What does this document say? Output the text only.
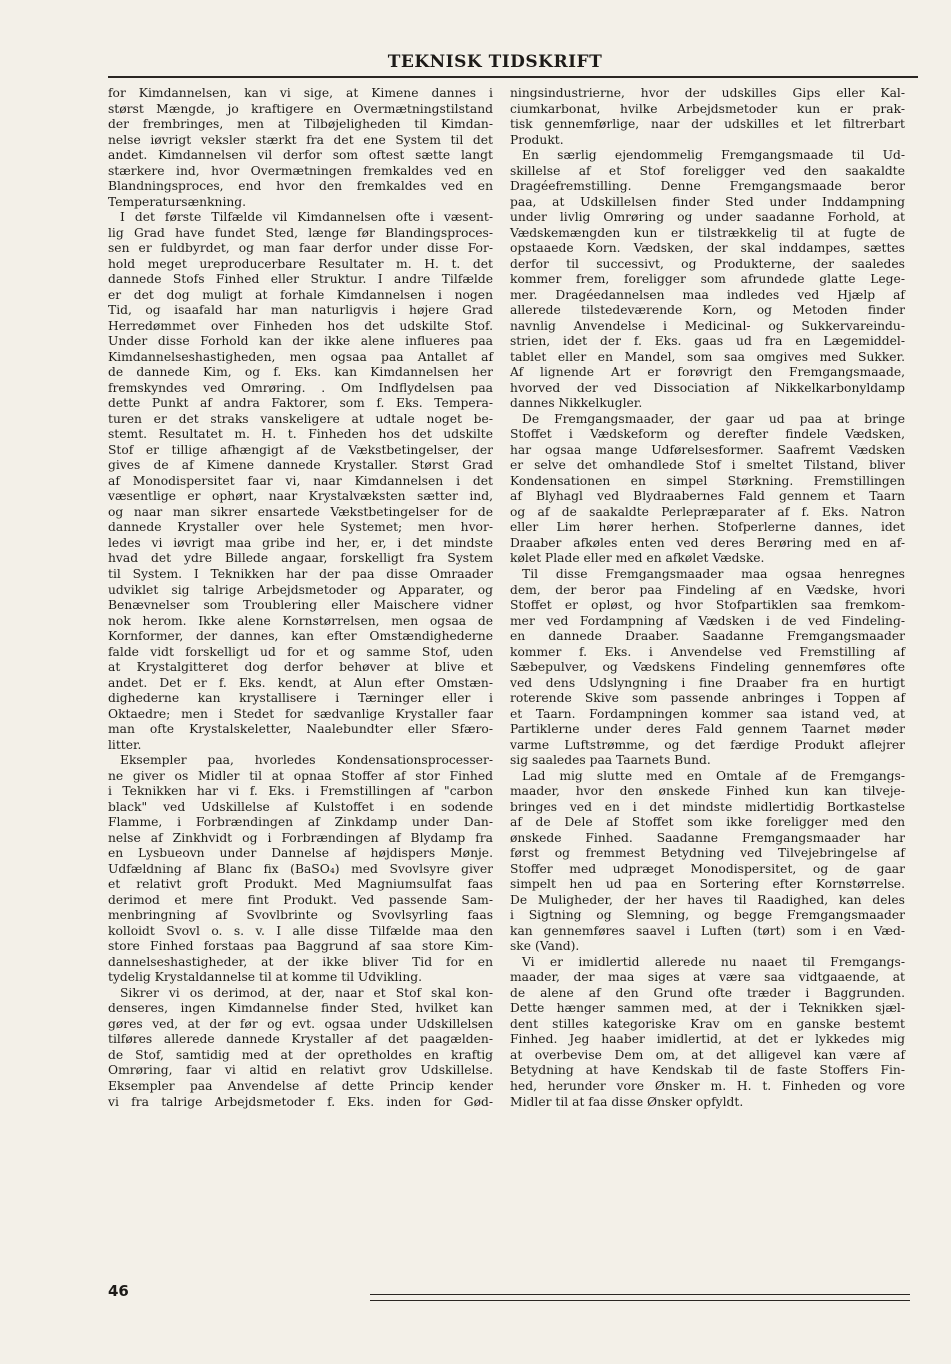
TEKNISK TIDSKRIFT
for Kimdannelsen, kan vi sige, at Kimene dannes i
størst Mængde, jo kraftigere en Overmætningstilstand
der frembringes, men at Tilbøjeligheden til Kimdan-
nelse iøvrigt veksler stærkt fra det ene System til det
andet. Kimdannelsen vil derfor som oftest sætte langt
stærkere ind, hvor Overmætningen fremkaldes ved en
Blandningsproces, end hvor den fremkaldes ved en
Temperatursænkning.
I det første Tilfælde vil Kimdannelsen ofte i væsent-
lig Grad have fundet Sted, længe før Blandingsproces-
sen er fuldbyrdet, og man faar derfor under disse For-
hold meget ureproducerbare Resultater m. H. t. det
dannede Stofs Finhed eller Struktur. I andre Tilfælde
er det dog muligt at forhale Kimdannelsen i nogen
Tid, og isaafald har man naturligvis i højere Grad
Herredømmet over Finheden hos det udskilte Stof.
Under disse Forhold kan der ikke alene influeres paa
Kimdannelseshastigheden, men ogsaa paa Antallet af
de dannede Kim, og f. Eks. kan Kimdannelsen her
fremskyndes ved Omrøring. . Om Indflydelsen paa
dette Punkt af andra Faktorer, som f. Eks. Tempera-
turen er det straks vanskeligere at udtale noget be-
stemt. Resultatet m. H. t. Finheden hos det udskilte
Stof er tillige afhængigt af de Vækstbetingelser, der
gives de af Kimene dannede Krystaller. Størst Grad
af Monodispersitet faar vi, naar Kimdannelsen i det
væsentlige er ophørt, naar Krystalvæksten sætter ind,
og naar man sikrer ensartede Vækstbetingelser for de
dannede Krystaller over hele Systemet; men hvor-
ledes vi iøvrigt maa gribe ind her, er, i det mindste
hvad det ydre Billede angaar, forskelligt fra System
til System. I Teknikken har der paa disse Omraader
udviklet sig talrige Arbejdsmetoder og Apparater, og
Benævnelser som Troublering eller Maischere vidner
nok herom. Ikke alene Kornstørrelsen, men ogsaa de
Kornformer, der dannes, kan efter Omstændighederne
falde vidt forskelligt ud for et og samme Stof, uden
at Krystalgitteret dog derfor behøver at blive et
andet. Det er f. Eks. kendt, at Alun efter Omstæn-
dighederne kan krystallisere i Tærninger eller i
Oktaedre; men i Stedet for sædvanlige Krystaller faar
man ofte Krystalskeletter, Naalebundter eller Sfæro-
litter.
Eksempler paa, hvorledes Kondensationsprocesser-
ne giver os Midler til at opnaa Stoffer af stor Finhed
i Teknikken har vi f. Eks. i Fremstillingen af "carbon
black" ved Udskillelse af Kulstoffet i en sodende
Flamme, i Forbrændingen af Zinkdamp under Dan-
nelse af Zinkhvidt og i Forbrændingen af Blydamp fra
en Lysbueovn under Dannelse af højdispers Mønje.
Udfældning af Blanc fix (BaSO₄) med Svovlsyre giver
et relativt groft Produkt. Med Magniumsulfat faas
derimod et mere fint Produkt. Ved passende Sam-
menbringning af Svovlbrinte og Svovlsyrling faas
kolloidt Svovl o. s. v. I alle disse Tilfælde maa den
store Finhed forstaas paa Baggrund af saa store Kim-
dannelseshastigheder, at der ikke bliver Tid for en
tydelig Krystaldannelse til at komme til Udvikling.
Sikrer vi os derimod, at der, naar et Stof skal kon-
denseres, ingen Kimdannelse finder Sted, hvilket kan
gøres ved, at der før og evt. ogsaa under Udskillelsen
tilføres allerede dannede Krystaller af det paagælden-
de Stof, samtidig med at der opretholdes en kraftig
Omrøring, faar vi altid en relativt grov Udskillelse.
Eksempler paa Anvendelse af dette Princip kender
vi fra talrige Arbejdsmetoder f. Eks. inden for Gød-
ningsindustrierne, hvor der udskilles Gips eller Kal-
ciumkarbonat, hvilke Arbejdsmetoder kun er prak-
tisk gennemførlige, naar der udskilles et let filtrerbart
Produkt.
En særlig ejendommelig Fremgangsmaade til Ud-
skillelse af et Stof foreligger ved den saakaldte
Dragéefremstilling. Denne Fremgangsmaade beror
paa, at Udskillelsen finder Sted under Inddampning
under livlig Omrøring og under saadanne Forhold, at
Vædskemængden kun er tilstrækkelig til at fugte de
opstaaede Korn. Vædsken, der skal inddampes, sættes
derfor til successivt, og Produkterne, der saaledes
kommer frem, foreligger som afrundede glatte Lege-
mer. Dragéedannelsen maa indledes ved Hjælp af
allerede tilstedeværende Korn, og Metoden finder
navnlig Anvendelse i Medicinal- og Sukkervareindu-
strien, idet der f. Eks. gaas ud fra en Lægemiddel-
tablet eller en Mandel, som saa omgives med Sukker.
Af lignende Art er forøvrigt den Fremgangsmaade,
hvorved der ved Dissociation af Nikkelkarbonyldamp
dannes Nikkelkugler.
De Fremgangsmaader, der gaar ud paa at bringe
Stoffet i Vædskeform og derefter findele Vædsken,
har ogsaa mange Udførelsesformer. Saafremt Vædsken
er selve det omhandlede Stof i smeltet Tilstand, bliver
Kondensationen en simpel Størkning. Fremstillingen
af Blyhagl ved Blydraabernes Fald gennem et Taarn
og af de saakaldte Perlepræparater af f. Eks. Natron
eller Lim hører herhen. Stofperlerne dannes, idet
Draaber afkøles enten ved deres Berøring med en af-
kølet Plade eller med en afkølet Vædske.
Til disse Fremgangsmaader maa ogsaa henregnes
dem, der beror paa Findeling af en Vædske, hvori
Stoffet er opløst, og hvor Stofpartiklen saa fremkom-
mer ved Fordampning af Vædsken i de ved Findeling-
en dannede Draaber. Saadanne Fremgangsmaader
kommer f. Eks. i Anvendelse ved Fremstilling af
Sæbepulver, og Vædskens Findeling gennemføres ofte
ved dens Udslyngning i fine Draaber fra en hurtigt
roterende Skive som passende anbringes i Toppen af
et Taarn. Fordampningen kommer saa istand ved, at
Partiklerne under deres Fald gennem Taarnet møder
varme Luftstrømme, og det færdige Produkt aflejrer
sig saaledes paa Taarnets Bund.
Lad mig slutte med en Omtale af de Fremgangs-
maader, hvor den ønskede Finhed kun kan tilveje-
bringes ved en i det mindste midlertidig Bortkastelse
af de Dele af Stoffet som ikke foreligger med den
ønskede Finhed. Saadanne Fremgangsmaader har
først og fremmest Betydning ved Tilvejebringelse af
Stoffer med udpræget Monodispersitet, og de gaar
simpelt hen ud paa en Sortering efter Kornstørrelse.
De Muligheder, der her haves til Raadighed, kan deles
i Sigtning og Slemning, og begge Fremgangsmaader
kan gennemføres saavel i Luften (tørt) som i en Væd-
ske (Vand).
Vi er imidlertid allerede nu naaet til Fremgangs-
maader, der maa siges at være saa vidtgaaende, at
de alene af den Grund ofte træder i Baggrunden.
Dette hænger sammen med, at der i Teknikken sjæl-
dent stilles kategoriske Krav om en ganske bestemt
Finhed. Jeg haaber imidlertid, at det er lykkedes mig
at overbevise Dem om, at det alligevel kan være af
Betydning at have Kendskab til de faste Stoffers Fin-
hed, herunder vore Ønsker m. H. t. Finheden og vore
Midler til at faa disse Ønsker opfyldt.
46
